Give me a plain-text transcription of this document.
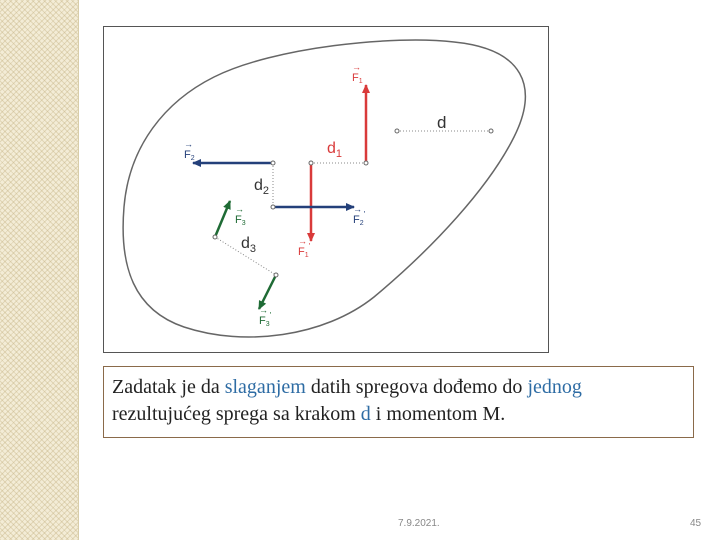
F1
→
F1'
→
F2
→
F2'
→
F3
→
F3'
→
d
$d_1$
$d_2$
$d_3$
Zadatak je da slaganjem datih spregova dođemo do jednog rezultujućeg sprega sa krakom d i momentom M.
7.9.2021.	45
